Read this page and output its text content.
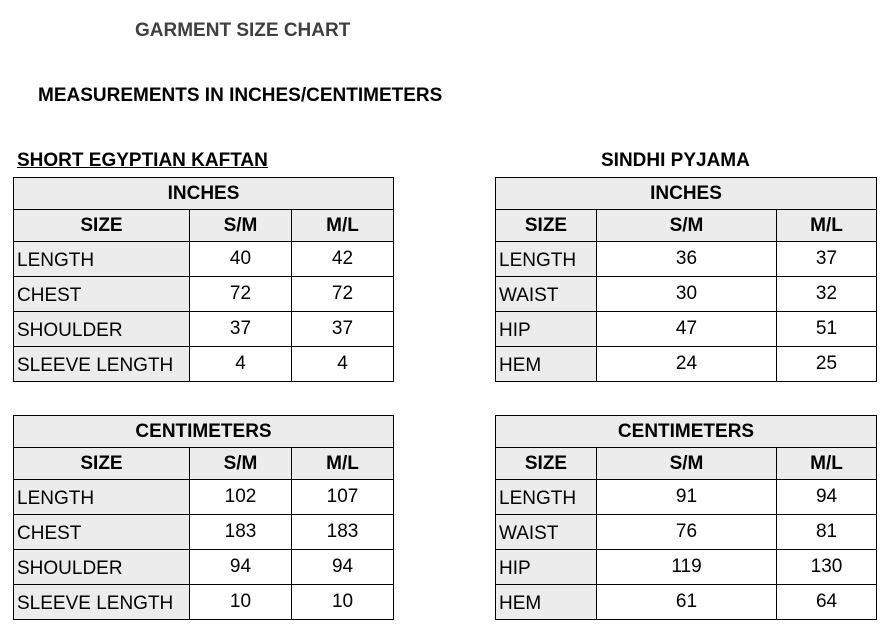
GARMENT SIZE CHART
MEASUREMENTS IN INCHES/CENTIMETERS
SHORT EGYPTIAN KAFTAN	SINDHI PYJAMA
INCHES		
SIZE	S/M	M/L
LENGTH	40	42
CHEST	72	72
SHOULDER	37	37
SLEEVE LENGTH	4	4
CENTIMETERS		
SIZE	S/M	M/L
LENGTH	102	107
CHEST	183	183
SHOULDER	94	94
SLEEVE LENGTH	10	10
INCHES		
SIZE	S/M	M/L
LENGTH	36	37
WAIST	30	32
HIP	47	51
HEM	24	25
CENTIMETERS		
SIZE	S/M	M/L
LENGTH	91	94
WAIST	76	81
HIP	119	130
HEM	61	64
